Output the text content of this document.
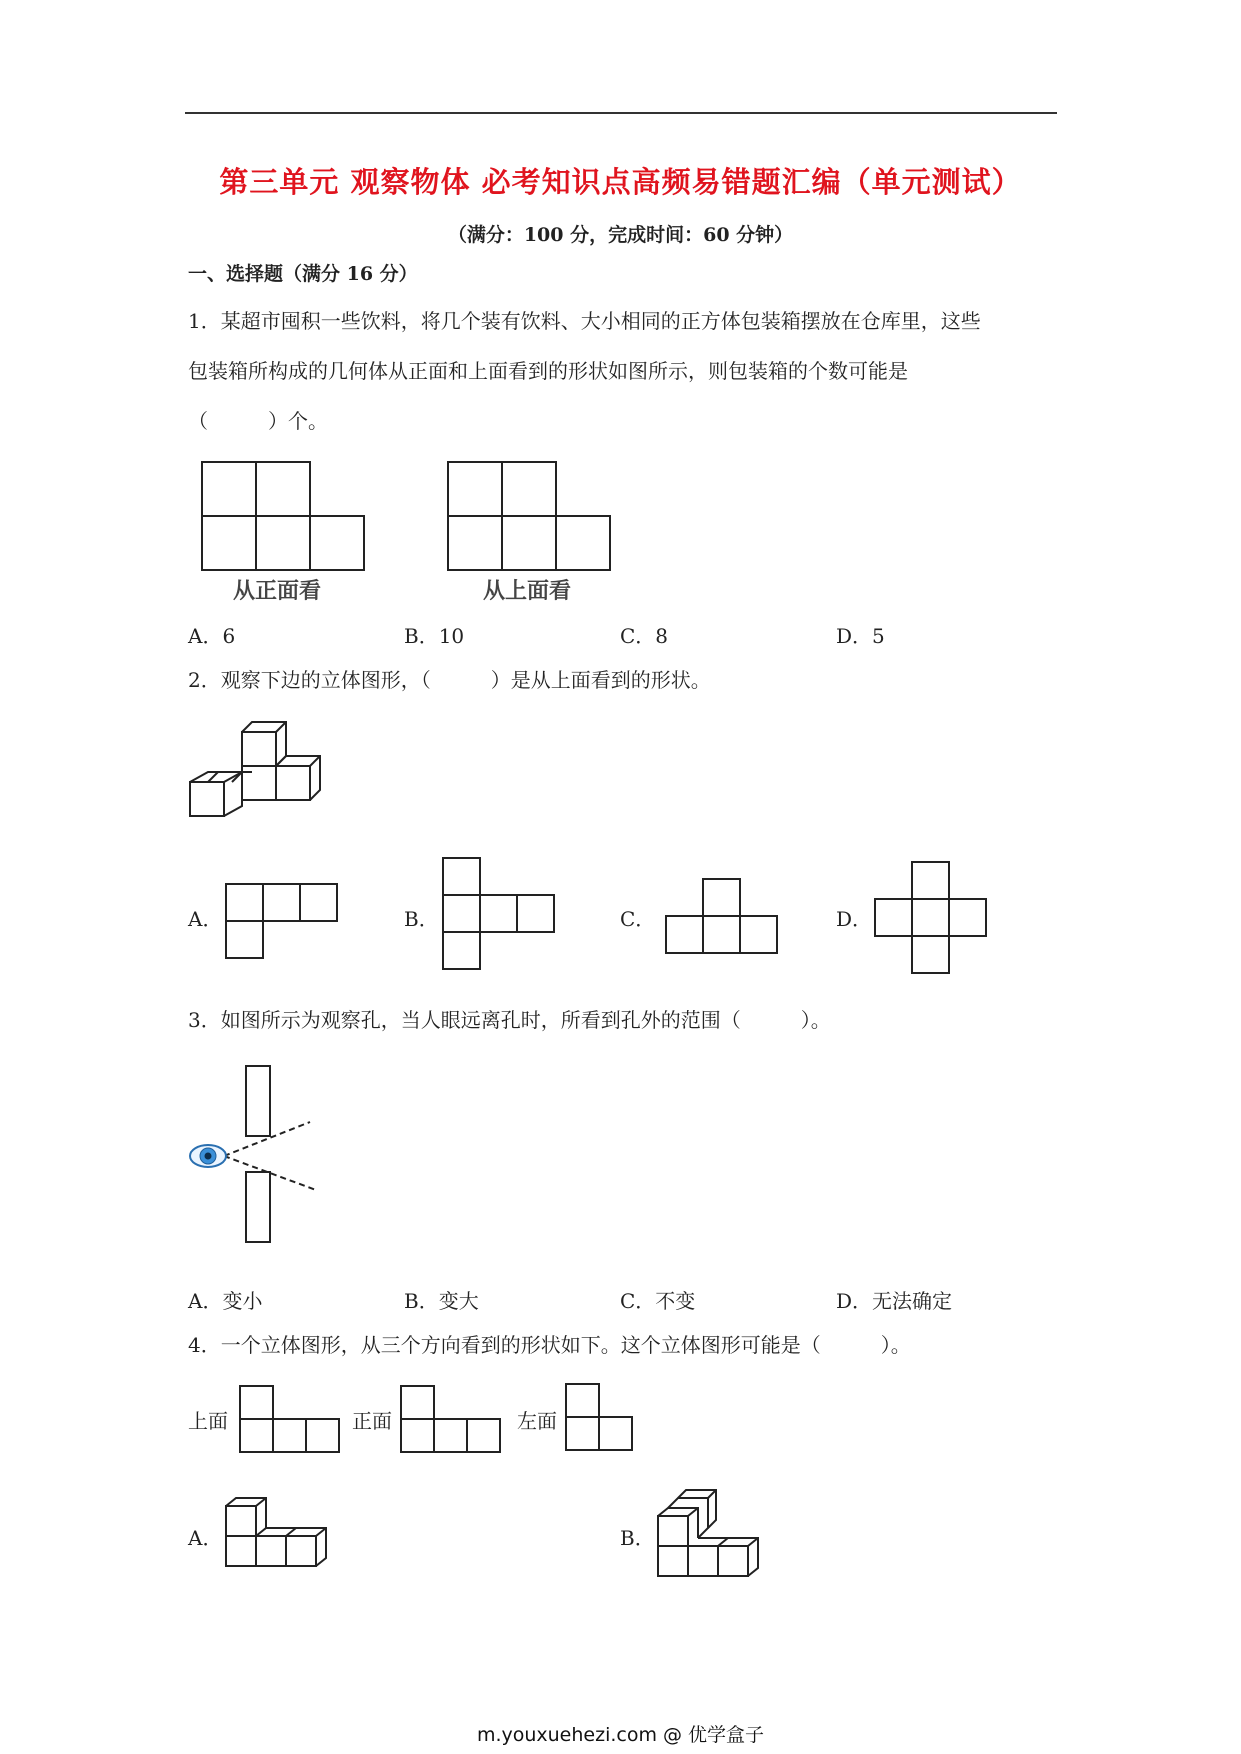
第三单元 观察物体 必考知识点高频易错题汇编（单元测试）
（满分：100 分，完成时间：60 分钟）
一、选择题（满分 16 分）
1．某超市囤积一些饮料，将几个装有饮料、大小相同的正方体包装箱摆放在仓库里，这些
包装箱所构成的几何体从正面和上面看到的形状如图所示，则包装箱的个数可能是
（　　　）个。
从正面看	从上面看
A．6	B．10	C．8	D．5
2．观察下边的立体图形，（　　　）是从上面看到的形状。
A．	B．	C．	D．
3．如图所示为观察孔，当人眼远离孔时，所看到孔外的范围（　　　）。
A．变小	B．变大	C．不变	D．无法确定
4．一个立体图形，从三个方向看到的形状如下。这个立体图形可能是（　　　）。
上面	正面	左面
A．	B．
m.youxuehezi.com @ 优学盒子
